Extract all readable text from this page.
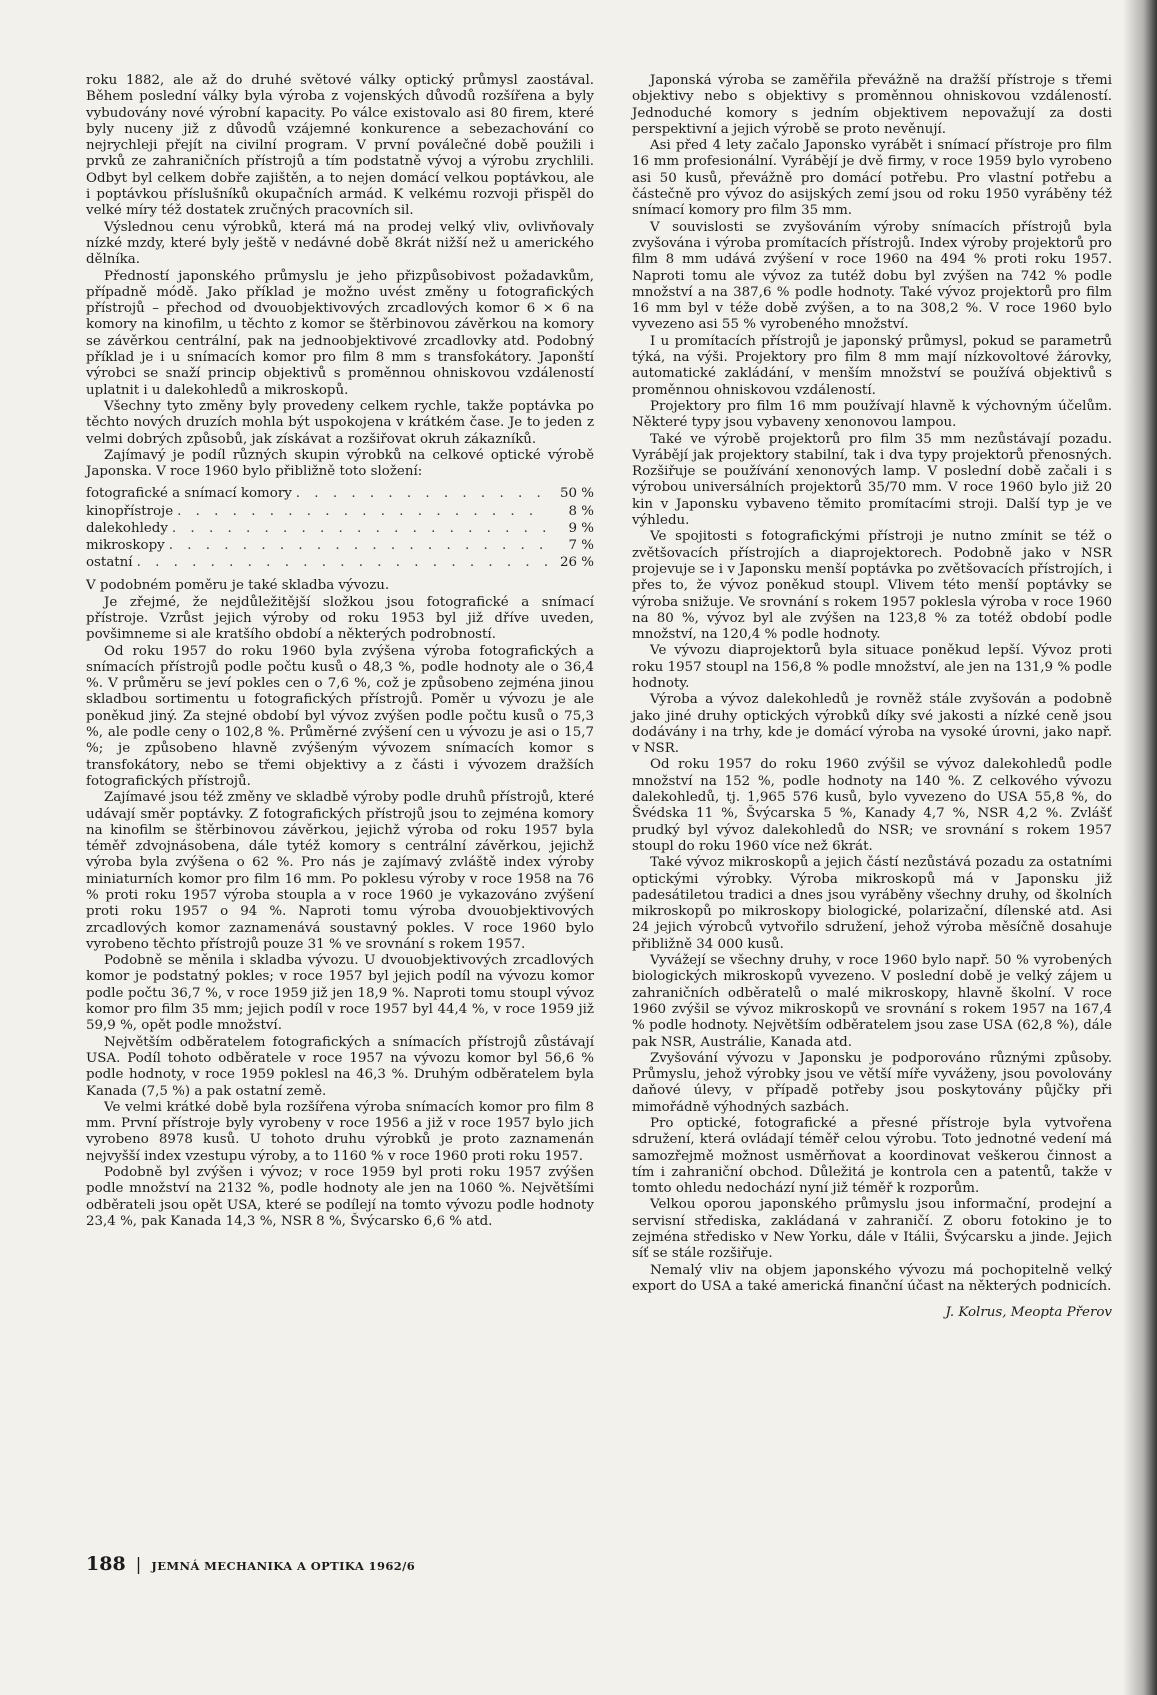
roku 1882, ale až do druhé světové války optický průmysl zaostával. Během poslední války byla výroba z vojenských důvodů rozšířena a byly vybudovány nové výrobní kapacity. Po válce existovalo asi 80 firem, které byly nuceny již z důvodů vzájemné konkurence a sebezachování co nejrychleji přejít na civilní program. V první poválečné době použili i prvků ze zahraničních přístrojů a tím podstatně vývoj a výrobu zrychlili. Odbyt byl celkem dobře zajištěn, a to nejen domácí velkou poptávkou, ale i poptávkou příslušníků okupačních armád. K velkému rozvoji přispěl do velké míry též dostatek zručných pracovních sil.

Výslednou cenu výrobků, která má na prodej velký vliv, ovlivňovaly nízké mzdy, které byly ještě v nedávné době 8krát nižší než u amerického dělníka.

Předností japonského průmyslu je jeho přizpůsobivost požadavkům, případně módě. Jako příklad je možno uvést změny u fotografických přístrojů – přechod od dvouobjektivových zrcadlových komor 6 × 6 na komory na kinofilm, u těchto z komor se štěrbinovou závěrkou na komory se závěrkou centrální, pak na jednoobjektivové zrcadlovky atd. Podobný příklad je i u snímacích komor pro film 8 mm s transfokátory. Japonští výrobci se snaží princip objektivů s proměnnou ohniskovou vzdáleností uplatnit i u dalekohledů a mikroskopů.

Všechny tyto změny byly provedeny celkem rychle, takže poptávka po těchto nových druzích mohla být uspokojena v krátkém čase. Je to jeden z velmi dobrých způsobů, jak získávat a rozšiřovat okruh zákazníků.

Zajímavý je podíl různých skupin výrobků na celkové optické výrobě Japonska. V roce 1960 bylo přibližně toto složení:

fotografické a snímací komory . . .	50 %
kinopřístroje . . .	8 %
dalekohledy . . .	9 %
mikroskopy . . .	7 %
ostatní . . .	26 %

V podobném poměru je také skladba vývozu.

Je zřejmé, že nejdůležitější složkou jsou fotografické a snímací přístroje. Vzrůst jejich výroby od roku 1953 byl již dříve uveden, povšimneme si ale kratšího období a některých podrobností.

Od roku 1957 do roku 1960 byla zvýšena výroba fotografických a snímacích přístrojů podle počtu kusů o 48,3 %, podle hodnoty ale o 36,4 %. V průměru se jeví pokles cen o 7,6 %, což je způsobeno zejména jinou skladbou sortimentu u fotografických přístrojů. Poměr u vývozu je ale poněkud jiný. Za stejné období byl vývoz zvýšen podle počtu kusů o 75,3 %, ale podle ceny o 102,8 %. Průměrné zvýšení cen u vývozu je asi o 15,7 %; je způsobeno hlavně zvýšeným vývozem snímacích komor s transfokátory, nebo se třemi objektivy a z části i vývozem dražších fotografických přístrojů.

Zajímavé jsou též změny ve skladbě výroby podle druhů přístrojů, které udávají směr poptávky. Z fotografických přístrojů jsou to zejména komory na kinofilm se štěrbinovou závěrkou, jejichž výroba od roku 1957 byla téměř zdvojnásobena, dále tytéž komory s centrální závěrkou, jejichž výroba byla zvýšena o 62 %. Pro nás je zajímavý zvláště index výroby miniaturních komor pro film 16 mm. Po poklesu výroby v roce 1958 na 76 % proti roku 1957 výroba stoupla a v roce 1960 je vykazováno zvýšení proti roku 1957 o 94 %. Naproti tomu výroba dvouobjektivových zrcadlových komor zaznamenává soustavný pokles. V roce 1960 bylo vyrobeno těchto přístrojů pouze 31 % ve srovnání s rokem 1957.

Podobně se měnila i skladba vývozu. U dvouobjektivových zrcadlových komor je podstatný pokles; v roce 1957 byl jejich podíl na vývozu komor podle počtu 36,7 %, v roce 1959 již jen 18,9 %. Naproti tomu stoupl vývoz komor pro film 35 mm; jejich podíl v roce 1957 byl 44,4 %, v roce 1959 již 59,9 %, opět podle množství.

Největším odběratelem fotografických a snímacích přístrojů zůstávají USA. Podíl tohoto odběratele v roce 1957 na vývozu komor byl 56,6 % podle hodnoty, v roce 1959 poklesl na 46,3 %. Druhým odběratelem byla Kanada (7,5 %) a pak ostatní země.

Ve velmi krátké době byla rozšířena výroba snímacích komor pro film 8 mm. První přístroje byly vyrobeny v roce 1956 a již v roce 1957 bylo jich vyrobeno 8978 kusů. U tohoto druhu výrobků je proto zaznamenán nejvyšší index vzestupu výroby, a to 1160 % v roce 1960 proti roku 1957.

Podobně byl zvýšen i vývoz; v roce 1959 byl proti roku 1957 zvýšen podle množství na 2132 %, podle hodnoty ale jen na 1060 %. Největšími odběrateli jsou opět USA, které se podílejí na tomto vývozu podle hodnoty 23,4 %, pak Kanada 14,3 %, NSR 8 %, Švýcarsko 6,6 % atd.

Japonská výroba se zaměřila převážně na dražší přístroje s třemi objektivy nebo s objektivy s proměnnou ohniskovou vzdáleností. Jednoduché komory s jedním objektivem nepovažují za dosti perspektivní a jejich výrobě se proto nevěnují.

Asi před 4 lety začalo Japonsko vyrábět i snímací přístroje pro film 16 mm profesionální. Vyrábějí je dvě firmy, v roce 1959 bylo vyrobeno asi 50 kusů, převážně pro domácí potřebu. Pro vlastní potřebu a částečně pro vývoz do asijských zemí jsou od roku 1950 vyráběny též snímací komory pro film 35 mm.

V souvislosti se zvyšováním výroby snímacích přístrojů byla zvyšována i výroba promítacích přístrojů. Index výroby projektorů pro film 8 mm udává zvýšení v roce 1960 na 494 % proti roku 1957. Naproti tomu ale vývoz za tutéž dobu byl zvýšen na 742 % podle množství a na 387,6 % podle hodnoty. Také vývoz projektorů pro film 16 mm byl v téže době zvýšen, a to na 308,2 %. V roce 1960 bylo vyvezeno asi 55 % vyrobeného množství.

I u promítacích přístrojů je japonský průmysl, pokud se parametrů týká, na výši. Projektory pro film 8 mm mají nízkovoltové žárovky, automatické zakládání, v menším množství se používá objektivů s proměnnou ohniskovou vzdáleností.

Projektory pro film 16 mm používají hlavně k výchovným účelům. Některé typy jsou vybaveny xenonovou lampou.

Také ve výrobě projektorů pro film 35 mm nezůstávají pozadu. Vyrábějí jak projektory stabilní, tak i dva typy projektorů přenosných. Rozšiřuje se používání xenonových lamp. V poslední době začali i s výrobou universálních projektorů 35/70 mm. V roce 1960 bylo již 20 kin v Japonsku vybaveno těmito promítacími stroji. Další typ je ve výhledu.

Ve spojitosti s fotografickými přístroji je nutno zmínit se též o zvětšovacích přístrojích a diaprojektorech. Podobně jako v NSR projevuje se i v Japonsku menší poptávka po zvětšovacích přístrojích, i přes to, že vývoz poněkud stoupl. Vlivem této menší poptávky se výroba snižuje. Ve srovnání s rokem 1957 poklesla výroba v roce 1960 na 80 %, vývoz byl ale zvýšen na 123,8 % za totéž období podle množství, na 120,4 % podle hodnoty.

Ve vývozu diaprojektorů byla situace poněkud lepší. Vývoz proti roku 1957 stoupl na 156,8 % podle množství, ale jen na 131,9 % podle hodnoty.

Výroba a vývoz dalekohledů je rovněž stále zvyšován a podobně jako jiné druhy optických výrobků díky své jakosti a nízké ceně jsou dodávány i na trhy, kde je domácí výroba na vysoké úrovni, jako např. v NSR.

Od roku 1957 do roku 1960 zvýšil se vývoz dalekohledů podle množství na 152 %, podle hodnoty na 140 %. Z celkového vývozu dalekohledů, tj. 1,965 576 kusů, bylo vyvezeno do USA 55,8 %, do Švédska 11 %, Švýcarska 5 %, Kanady 4,7 %, NSR 4,2 %. Zvlášť prudký byl vývoz dalekohledů do NSR; ve srovnání s rokem 1957 stoupl do roku 1960 více než 6krát.

Také vývoz mikroskopů a jejich částí nezůstává pozadu za ostatními optickými výrobky. Výroba mikroskopů má v Japonsku již padesátiletou tradici a dnes jsou vyráběny všechny druhy, od školních mikroskopů po mikroskopy biologické, polarizační, dílenské atd. Asi 24 jejich výrobců vytvořilo sdružení, jehož výroba měsíčně dosahuje přibližně 34 000 kusů.

Vyvážejí se všechny druhy, v roce 1960 bylo např. 50 % vyrobených biologických mikroskopů vyvezeno. V poslední době je velký zájem u zahraničních odběratelů o malé mikroskopy, hlavně školní. V roce 1960 zvýšil se vývoz mikroskopů ve srovnání s rokem 1957 na 167,4 % podle hodnoty. Největším odběratelem jsou zase USA (62,8 %), dále pak NSR, Austrálie, Kanada atd.

Zvyšování vývozu v Japonsku je podporováno různými způsoby. Průmyslu, jehož výrobky jsou ve větší míře vyváženy, jsou povolovány daňové úlevy, v případě potřeby jsou poskytovány půjčky při mimořádně výhodných sazbách.

Pro optické, fotografické a přesné přístroje byla vytvořena sdružení, která ovládají téměř celou výrobu. Toto jednotné vedení má samozřejmě možnost usměrňovat a koordinovat veškerou činnost a tím i zahraniční obchod. Důležitá je kontrola cen a patentů, takže v tomto ohledu nedochází nyní již téměř k rozporům.

Velkou oporou japonského průmyslu jsou informační, prodejní a servisní střediska, zakládaná v zahraničí. Z oboru fotokino je to zejména středisko v New Yorku, dále v Itálii, Švýcarsku a jinde. Jejich síť se stále rozšiřuje.

Nemalý vliv na objem japonského vývozu má pochopitelně velký export do USA a také americká finanční účast na některých podnicích.

J. Kolrus, Meopta Přerov
188 | JEMNÁ MECHANIKA A OPTIKA 1962/6
